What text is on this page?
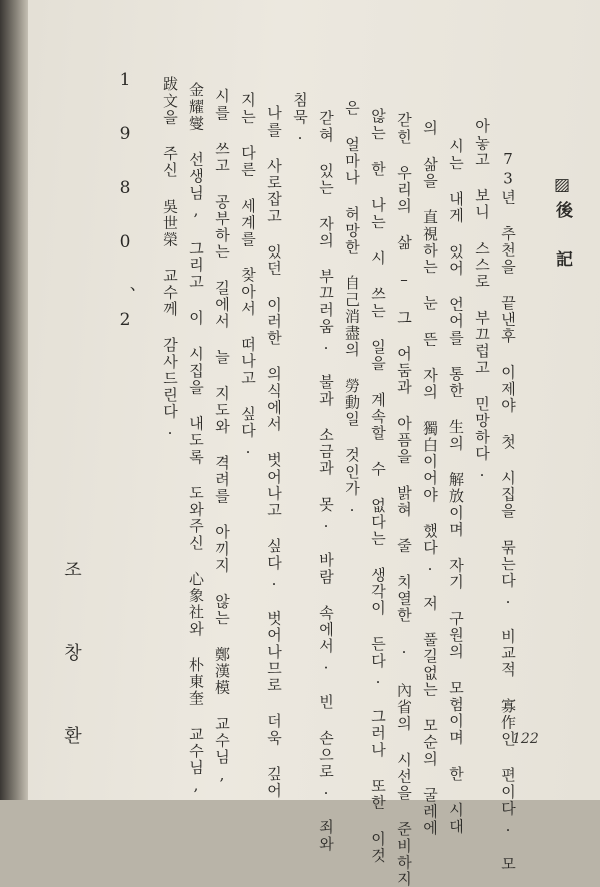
▨後 記
73년 추천을 끝낸후 이제야 첫 시집을 묶는다. 비교적 寡作인 편이다. 모
아놓고 보니 스스로 부끄럽고 민망하다.
시는 내게 있어 언어를 통한 生의 解放이며 자기 구원의 모험이며 한 시대
의 삶을 直視하는 눈 뜬 자의 獨白이어야 했다. 저 풀길없는 모순의 굴레에
갇힌 우리의 삶 – 그 어둠과 아픔을 밝혀 줄 치열한 · 內省의 시선을 준비하지
않는 한 나는 시 쓰는 일을 계속할 수 없다는 생각이 든다. 그러나 또한 이것
은 얼마나 허망한 自己消盡의 勞動일 것인가.
갇혀 있는 자의 부끄러움. 불과 소금과 못. 바람 속에서. 빈 손으로. 죄와
침묵.
나를 사로잡고 있던 이러한 의식에서 벗어나고 싶다. 벗어나므로 더욱 깊어
지는 다른 세계를 찾아서 떠나고 싶다.
시를 쓰고 공부하는 길에서 늘 지도와 격려를 아끼지 않는 鄭漢模 교수님,
金耀燮 선생님, 그리고 이 시집을 내도록 도와주신 心象社와 朴東奎 교수님,
跋文을 주신 吳世榮 교수께 감사드린다.
1 9 8 0 、2
조 창 환	122
